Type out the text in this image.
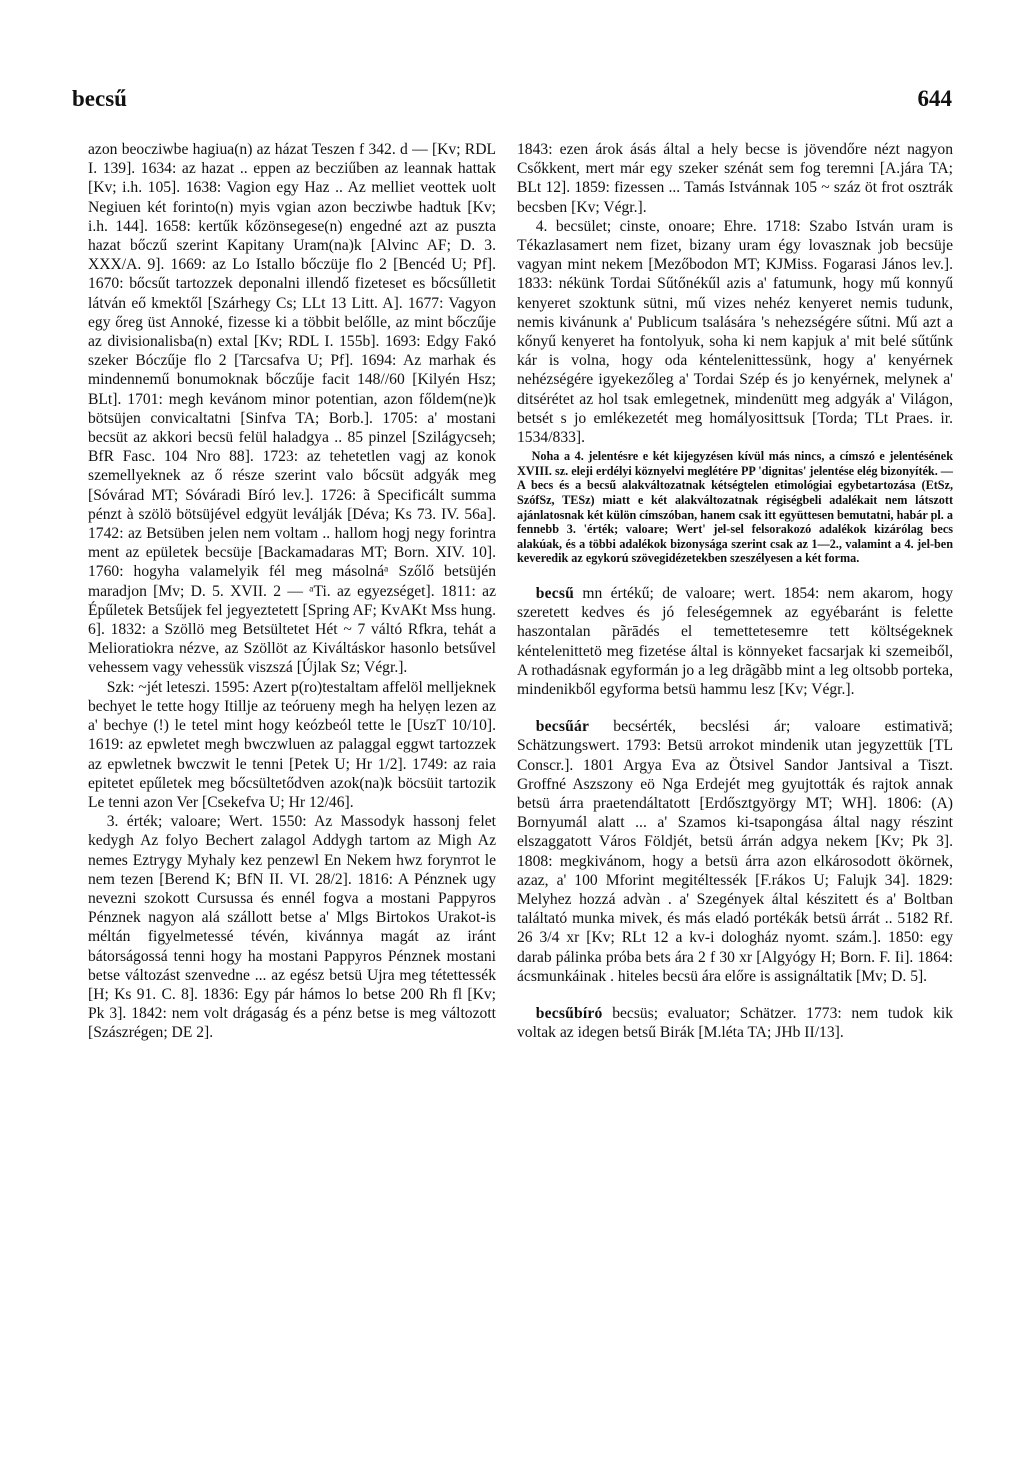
becsű	644

azon beocziwbe hagiua(n) az házat Teszen f 342. d — [Kv; RDL I. 139]. 1634: az hazat .. eppen az becziűben az leannak hattak [Kv; i.h. 105]. 1638: Vagion egy Haz .. Az melliet veottek uolt Negiuen két forinto(n) myis vgian azon becziwbe hadtuk [Kv; i.h. 144]. 1658: kertűk kőzönsegese(n) engedné azt az puszta hazat bőczű szerint Kapitany Uram(na)k [Alvinc AF; D. 3. XXX/A. 9]. 1669: az Lo Istallo bőczüje flo 2 [Bencéd U; Pf]. 1670: bőcsűt tartozzek deponalni illendő fizeteset es bőcsűlletit látván eő kmektől [Szárhegy Cs; LLt 13 Litt. A]. 1677: Vagyon egy őreg üst Annoké, fizesse ki a többit belőlle, az mint bőczűje az divisionalisba(n) extal [Kv; RDL I. 155b]. 1693: Edgy Fakó szeker Bóczűje flo 2 [Tarcsafva U; Pf]. 1694: Az marhak és mindennemű bonumoknak bőczűje facit 148//60 [Kilyén Hsz; BLt]. 1701: megh kevánom minor potentian, azon főldem(ne)k bötsüjen convicaltatni [Sinfva TA; Borb.]. 1705: a' mostani becsüt az akkori becsü felül haladgya .. 85 pinzel [Szilágycseh; BfR Fasc. 104 Nro 88]. 1723: az tehetetlen vagj az konok szemellyeknek az ő része szerint valo bőcsüt adgyák meg [Sóvárad MT; Sóváradi Bíró lev.]. 1726: ã Specificált summa pénzt à szölö bötsüjével edgyüt leválják [Déva; Ks 73. IV. 56a]. 1742: az Betsüben jelen nem voltam .. hallom hogj negy forintra ment az epületek becsüje [Backamadaras MT; Born. XIV. 10]. 1760: hogyha valamelyik fél meg másolnáᵃ Szőlő betsüjén maradjon [Mv; D. 5. XVII. 2 — ᵃTi. az egyezséget]. 1811: az Épűletek Betsűjek fel jegyeztetett [Spring AF; KvAKt Mss hung. 6]. 1832: a Szöllö meg Betsültetet Hét ~ 7 váltó Rfkra, tehát a Melioratiokra nézve, az Szöllöt az Kiváltáskor hasonlo betsűvel vehessem vagy vehessük viszszá [Újlak Sz; Végr.].

Szk: ~jét leteszi. 1595: Azert p(ro)testaltam affelöl melljeknek bechyet le tette hogy Itillje az teórueny megh ha helyẹn lezen az a' bechye (!) le tetel mint hogy keózbeól tette le [UszT 10/10]. 1619: az epwletet megh bwczwluen az palaggal eggwt tartozzek az epwletnek bwczwit le tenni [Petek U; Hr 1/2]. 1749: az raia epitetet epűletek meg bőcsültetődven azok(na)k böcsüit tartozik Le tenni azon Ver [Csekefva U; Hr 12/46].

3. érték; valoare; Wert. 1550: Az Massodyk hassonj felet kedygh Az folyo Bechert zalagol Addygh tartom az Migh Az nemes Eztrygy Myhaly kez penzewl En Nekem hwz forynтot le nem tezen [Berend K; BfN II. VI. 28/2]. 1816: A Pénznek ugy nevezni szokott Cursussa és ennél fogva a mostani Pappyros Pénznek nagyon alá szállott betse a' Mlgs Birtokos Urakot-is méltán figyelmetessé tévén, kivánnya magát az iránt bátorságossá tenni hogy ha mostani Pappyros Pénznek mostani betse változást szenvedne ... az egész betsü Ujra meg tétettessék [H; Ks 91. C. 8]. 1836: Egy pár hámos lo betse 200 Rh fl [Kv; Pk 3]. 1842: nem volt drágaság és a pénz betse is meg változott [Szászrégen; DE 2].

1843: ezen árok ásás által a hely becse is jövendőre nézt nagyon Csőkkent, mert már egy szeker szénát sem fog teremni [A.jára TA; BLt 12]. 1859: fizessen ... Tamás Istvánnak 105 ~ száz öt frot osztrák becsben [Kv; Végr.].

4. becsület; cinste, onoare; Ehre. 1718: Szabo István uram is Tékazlasamert nem fizet, bizany uram égy lovasznak job becsüje vagyan mint nekem [Mezőbodon MT; KJMiss. Fogarasi János lev.]. 1833: nékünk Tordai Sűtőnékűl azis a' fatumunk, hogy mű konnyű kenyeret szoktunk sütni, mű vizes nehéz kenyeret nemis tudunk, nemis kivánunk a' Publicum tsalására 's nehezségére sűtni. Mű azt a kőnyű kenyeret ha fontolyuk, soha ki nem kapjuk a' mit belé sűtűnk kár is volna, hogy oda kéntelenittessünk, hogy a' kenyérnek nehézségére igyekezőleg a' Tordai Szép és jo kenyérnek, melynek a' ditsérétet az hol tsak emlegetnek, mindenütt meg adgyák a' Világon, betsét s jo emlékezetét meg homályosittsuk [Torda; TLt Praes. ir. 1534/833].

Noha a 4. jelentésre e két kijegyzésen kívül más nincs, a címszó e jelentésének XVIII. sz. eleji erdélyi köznyelvi meglétére PP 'dignitas' jelentése elég bizonyíték. — A becs és a becsű alakváltozatnak kétségtelen etimológiai egybetartozása (EtSz, SzófSz, TESz) miatt e két alakváltozatnak régiségbeli adalékait nem látszott ajánlatosnak két külön címszóban, hanem csak itt együttesen bemutatni, habár pl. a fennebb 3. 'érték; valoare; Wert' jel-sel felsorakozó adalékok kizárólag becs alakúak, és a többi adalékok bizonyságа szerint csak az 1—2., valamint a 4. jel-ben keveredik az egykorú szövegidézetekben szeszélyesen a két forma.

becsű mn értékű; de valoare; wert. 1854: nem akarom, hogy szeretett kedves és jó feleségemnek az egyébaránt is felette haszontalan pãrādés el temettetesemre tett költségeknek kéntelenittetö meg fizetése által is könnyeket facsarjak ki szemeiből, A rothadásnak egyformán jo a leg drãgãbb mint a leg oltsobb porteka, mindenikből egyforma betsü hammu lesz [Kv; Végr.].

becsűár becsérték, becslési ár; valoare estimativă; Schätzungswert. 1793: Betsü arrokot mindenik utan jegyzettük [TL Conscr.]. 1801 Argya Eva az Ötsivel Sandor Jantsival a Tiszt. Groffné Aszszony eö Nga Erdejét meg gyujtották és rajtok annak betsü árra praetendáltatott [Erdősztgyörgy MT; WH]. 1806: (A) Bornyumál alatt ... a' Szamos ki-tsapongása által nagy részint elszaggatott Város Földjét, betsü árrán adgya nekem [Kv; Pk 3]. 1808: megkivánom, hogy a betsü árra azon elkárosodott ökörnek, azaz, a' 100 Mforint megitéltessék [F.rákos U; Falujk 34]. 1829: Melyhez hozzá advàn . a' Szegények által készitett és a' Boltban találtató munka mivek, és más eladó portékák betsü árrát .. 5182 Rf. 26 3/4 xr [Kv; RLt 12 a kv-i dologház nyomt. szám.]. 1850: egy darab pálinka próba bets ára 2 f 30 xr [Algyógy H; Born. F. Ii]. 1864: ácsmunkáinak . hiteles becsü ára előre is assignáltatik [Mv; D. 5].

becsűbíró becsüs; evaluator; Schätzer. 1773: nem tudok kik voltak az idegen betsű Birák [M.léta TA; JHb II/13].
